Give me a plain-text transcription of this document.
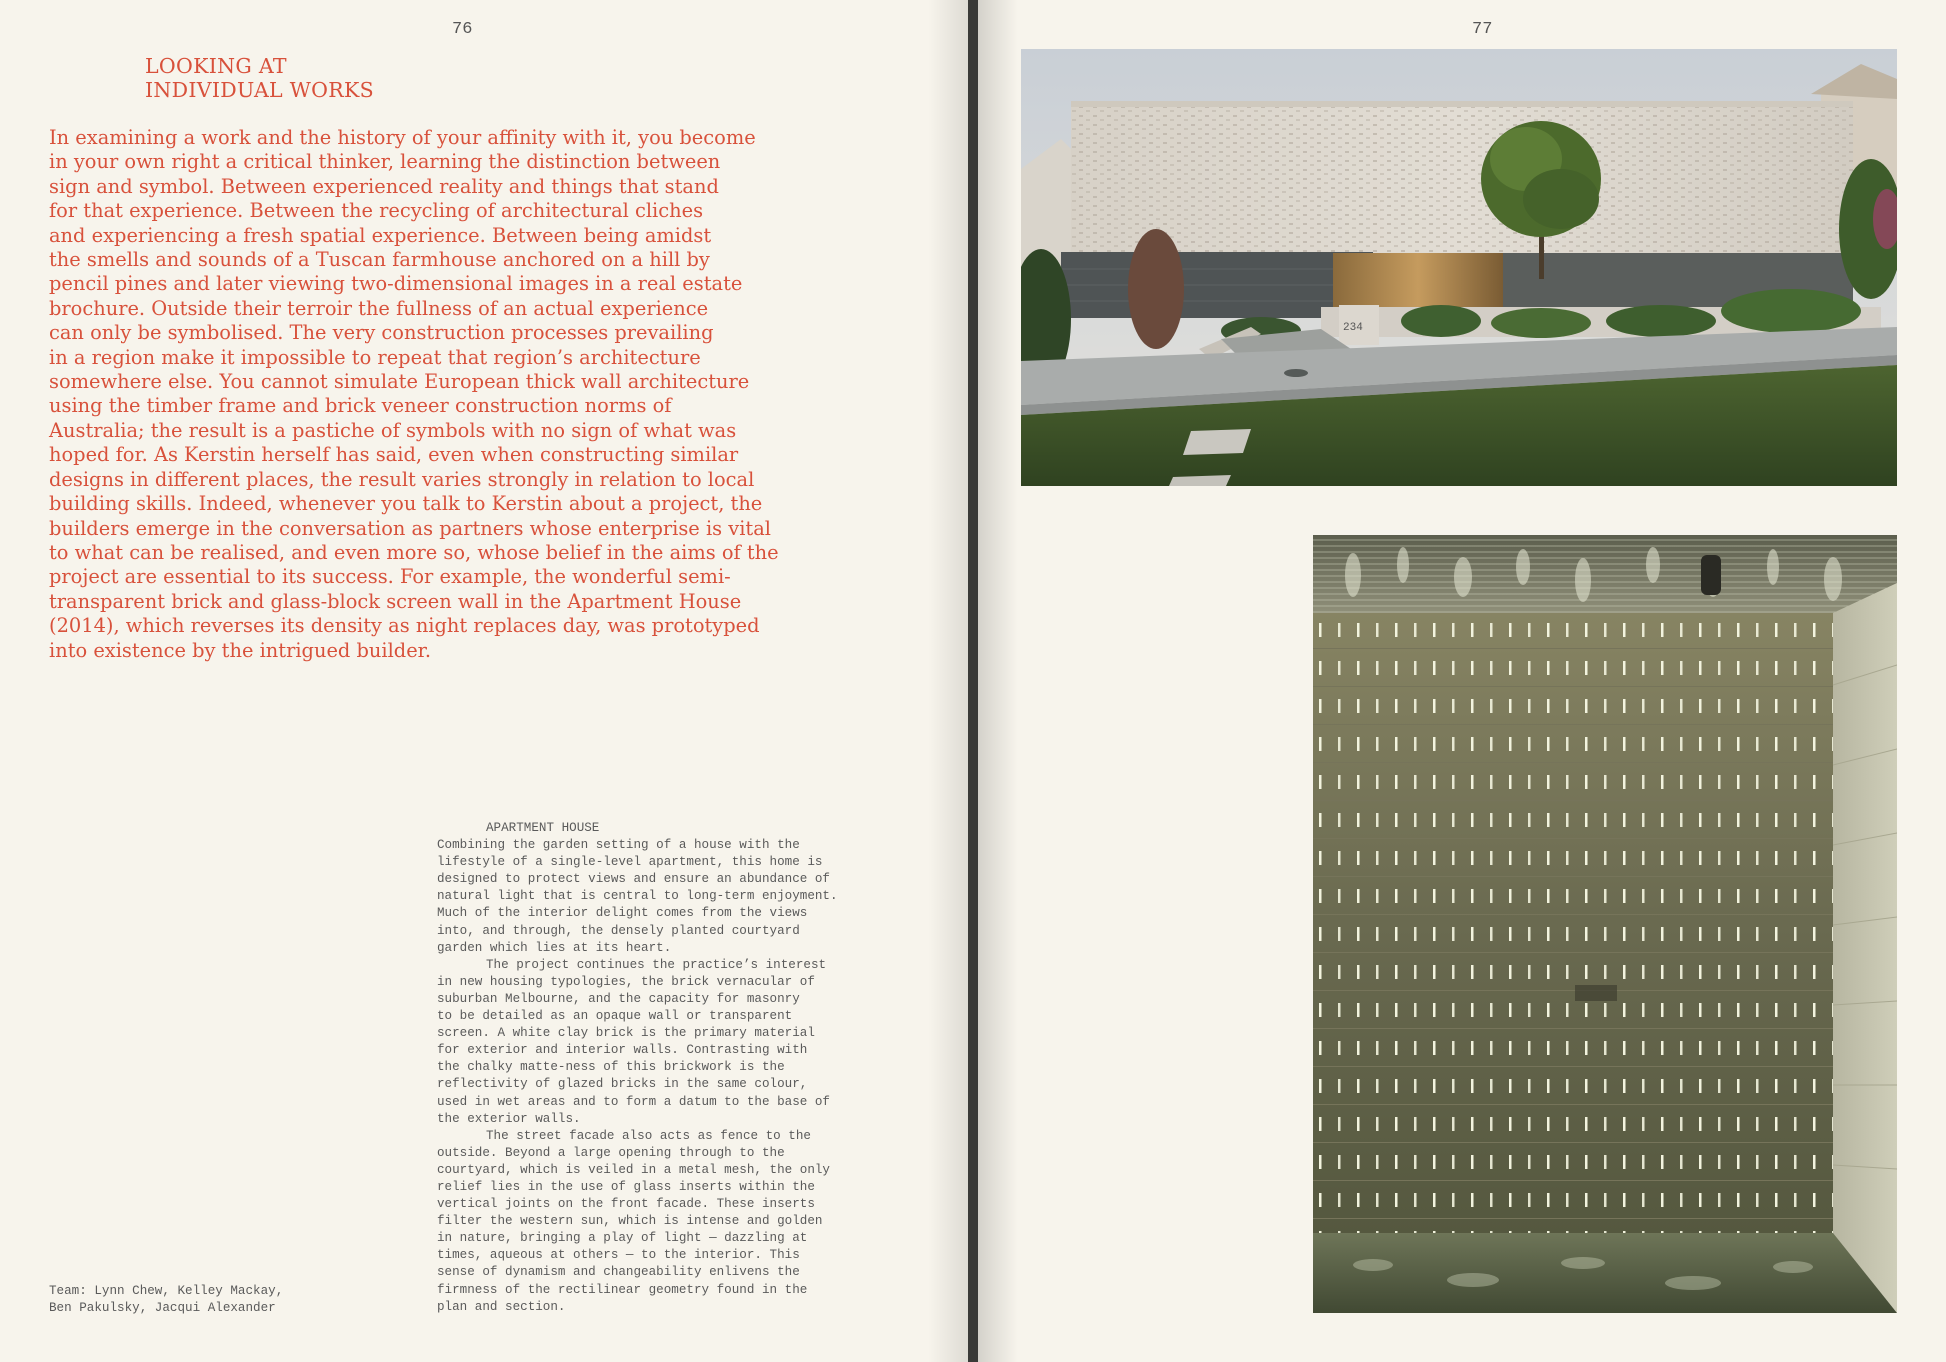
76
LOOKING AT
INDIVIDUAL WORKS
In examining a work and the history of your affinity with it, you become
in your own right a critical thinker, learning the distinction between
sign and symbol. Between experienced reality and things that stand
for that experience. Between the recycling of architectural cliches
and experiencing a fresh spatial experience. Between being amidst
the smells and sounds of a Tuscan farmhouse anchored on a hill by
pencil pines and later viewing two-dimensional images in a real estate
brochure. Outside their terroir the fullness of an actual experience
can only be symbolised. The very construction processes prevailing
in a region make it impossible to repeat that region’s architecture
somewhere else. You cannot simulate European thick wall architecture
using the timber frame and brick veneer construction norms of
Australia; the result is a pastiche of symbols with no sign of what was
hoped for. As Kerstin herself has said, even when constructing similar
designs in different places, the result varies strongly in relation to local
building skills. Indeed, whenever you talk to Kerstin about a project, the
builders emerge in the conversation as partners whose enterprise is vital
to what can be realised, and even more so, whose belief in the aims of the
project are essential to its success. For example, the wonderful semi-
transparent brick and glass-block screen wall in the Apartment House
(2014), which reverses its density as night replaces day, was prototyped
into existence by the intrigued builder.
APARTMENT HOUSE
Combining the garden setting of a house with the
lifestyle of a single-level apartment, this home is
designed to protect views and ensure an abundance of
natural light that is central to long-term enjoyment.
Much of the interior delight comes from the views
into, and through, the densely planted courtyard
garden which lies at its heart.
The project continues the practice’s interest
in new housing typologies, the brick vernacular of
suburban Melbourne, and the capacity for masonry
to be detailed as an opaque wall or transparent
screen. A white clay brick is the primary material
for exterior and interior walls. Contrasting with
the chalky matte-ness of this brickwork is the
reflectivity of glazed bricks in the same colour,
used in wet areas and to form a datum to the base of
the exterior walls.
The street facade also acts as fence to the
outside. Beyond a large opening through to the
courtyard, which is veiled in a metal mesh, the only
relief lies in the use of glass inserts within the
vertical joints on the front facade. These inserts
filter the western sun, which is intense and golden
in nature, bringing a play of light — dazzling at
times, aqueous at others — to the interior. This
sense of dynamism and changeability enlivens the
firmness of the rectilinear geometry found in the
plan and section.
Team: Lynn Chew, Kelley Mackay,
Ben Pakulsky, Jacqui Alexander
77
234
